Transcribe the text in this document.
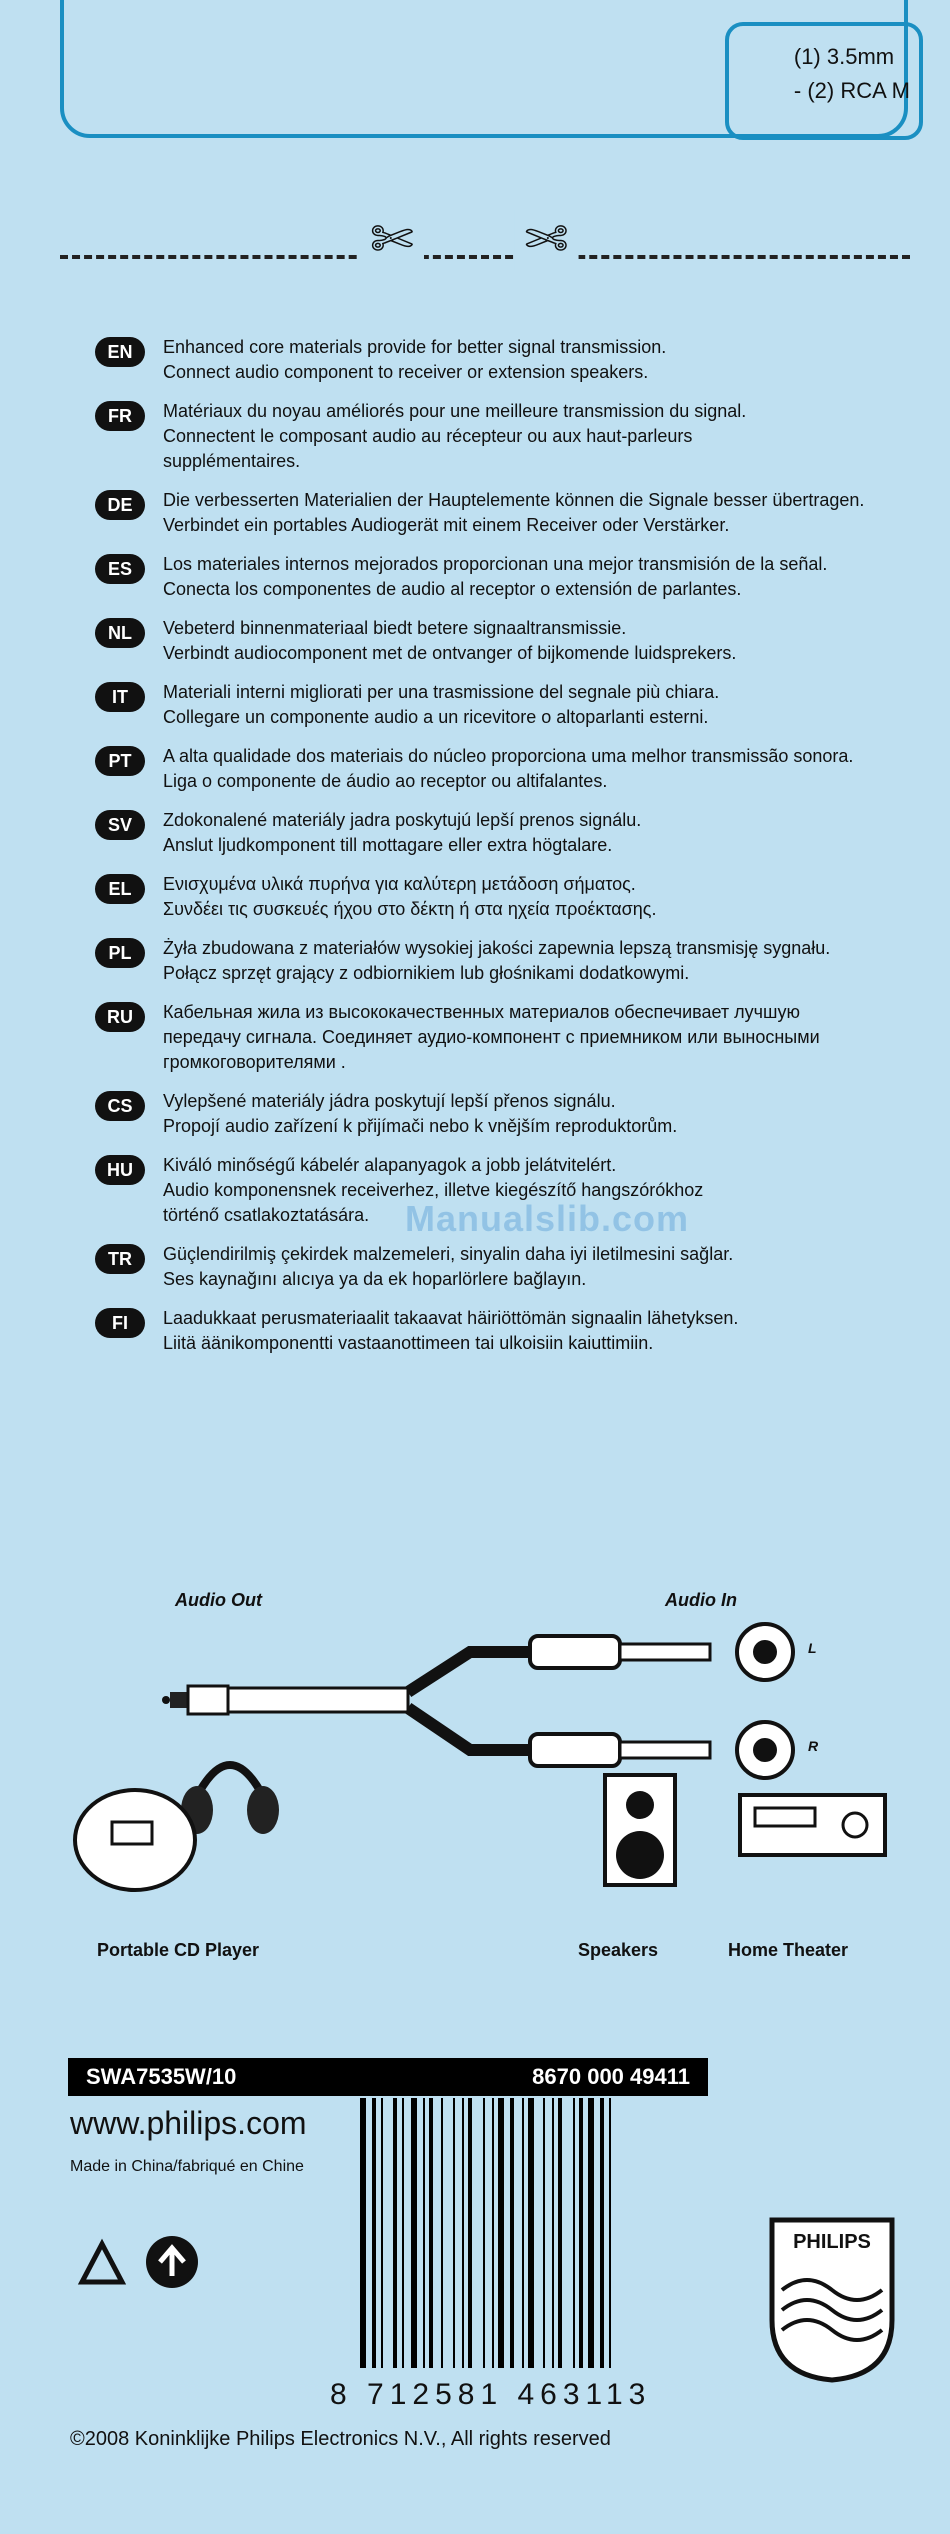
(1) 3.5mm
- (2) RCA M
✄ ✄
EN	Enhanced core materials provide for better signal transmission.
Connect audio component to receiver or extension speakers.
FR	Matériaux du noyau améliorés pour une meilleure transmission du signal.
Connectent le composant audio au récepteur ou aux haut-parleurs
supplémentaires.
DE	Die verbesserten Materialien der Hauptelemente können die Signale besser übertragen.
Verbindet ein portables Audiogerät mit einem Receiver oder Verstärker.
ES	Los materiales internos mejorados proporcionan una mejor transmisión de la señal.
Conecta los componentes de audio al receptor o extensión de parlantes.
NL	Vebeterd binnenmateriaal biedt betere signaaltransmissie.
Verbindt audiocomponent met de ontvanger of bijkomende luidsprekers.
IT	Materiali interni migliorati per una trasmissione del segnale più chiara.
Collegare un componente audio a un ricevitore o altoparlanti esterni.
PT	A alta qualidade dos materiais do núcleo proporciona uma melhor transmissão sonora.
Liga o componente de áudio ao receptor ou altifalantes.
SV	Zdokonalené materiály jadra poskytujú lepší prenos signálu.
Anslut ljudkomponent till mottagare eller extra högtalare.
EL	Ενισχυμένα υλικά πυρήνα για καλύτερη μετάδοση σήματος.
Συνδέει τις συσκευές ήχου στο δέκτη ή στα ηχεία προέκτασης.
PL	Żyła zbudowana z materiałów wysokiej jakości zapewnia lepszą transmisję sygnału.
Połącz sprzęt grający z odbiornikiem lub głośnikami dodatkowymi.
RU	Кабельная жила из высококачественных материалов обеспечивает лучшую
передачу сигнала. Соединяет аудио-компонент с приемником или выносными
громкоговорителями .
CS	Vylepšené materiály jádra poskytují lepší přenos signálu.
Propojí audio zařízení k přijímači nebo k vnějším reproduktorům.
HU	Kiváló minőségű kábelér alapanyagok a jobb jelátvitelért.
Audio komponensnek receiverhez, illetve kiegészítő hangszórókhoz
történő csatlakoztatására.
TR	Güçlendirilmiş çekirdek malzemeleri, sinyalin daha iyi iletilmesini sağlar.
Ses kaynağını alıcıya ya da ek hoparlörlere bağlayın.
FI	Laadukkaat perusmateriaalit takaavat häiriöttömän signaalin lähetyksen.
Liitä äänikomponentti vastaanottimeen tai ulkoisiin kaiuttimiin.
Manualslib.com
Audio Out	Audio In
L
R
Portable CD Player	Speakers	Home Theater
SWA7535W/10	8670 000 49411
www.philips.com
Made in China/fabriqué en Chine
8 712581 463113
PHILIPS
©2008 Koninklijke Philips Electronics N.V., All rights reserved
